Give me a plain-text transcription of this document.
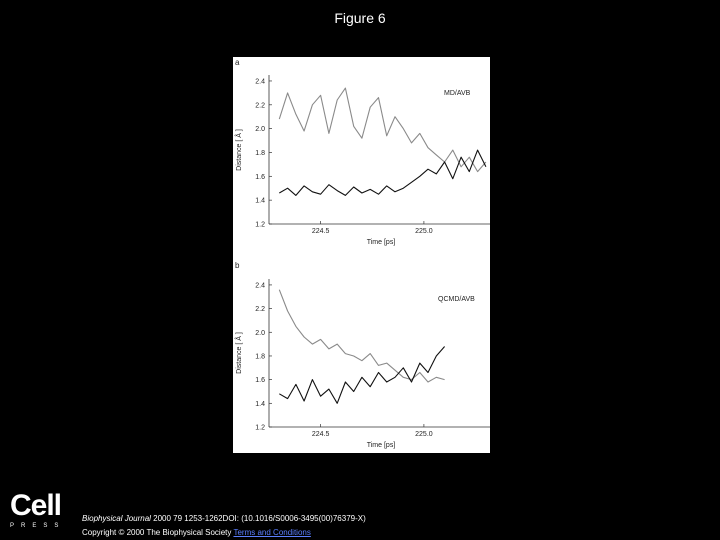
Figure 6
a
2.4
2.2
2.0
1.8
1.6
1.4
1.2
224.5	225.0
MD/AVB
Distance [ Å ]
Time [ps]
b
2.4
2.2
2.0
1.8
1.6
1.4
1.2
224.5	225.0
QCMD/AVB
Distance [ Å ]
Time [ps]
Cell
PRESS
Biophysical Journal 2000 79 1253-1262DOI: (10.1016/S0006-3495(00)76379-X)
Copyright © 2000 The Biophysical Society Terms and Conditions
